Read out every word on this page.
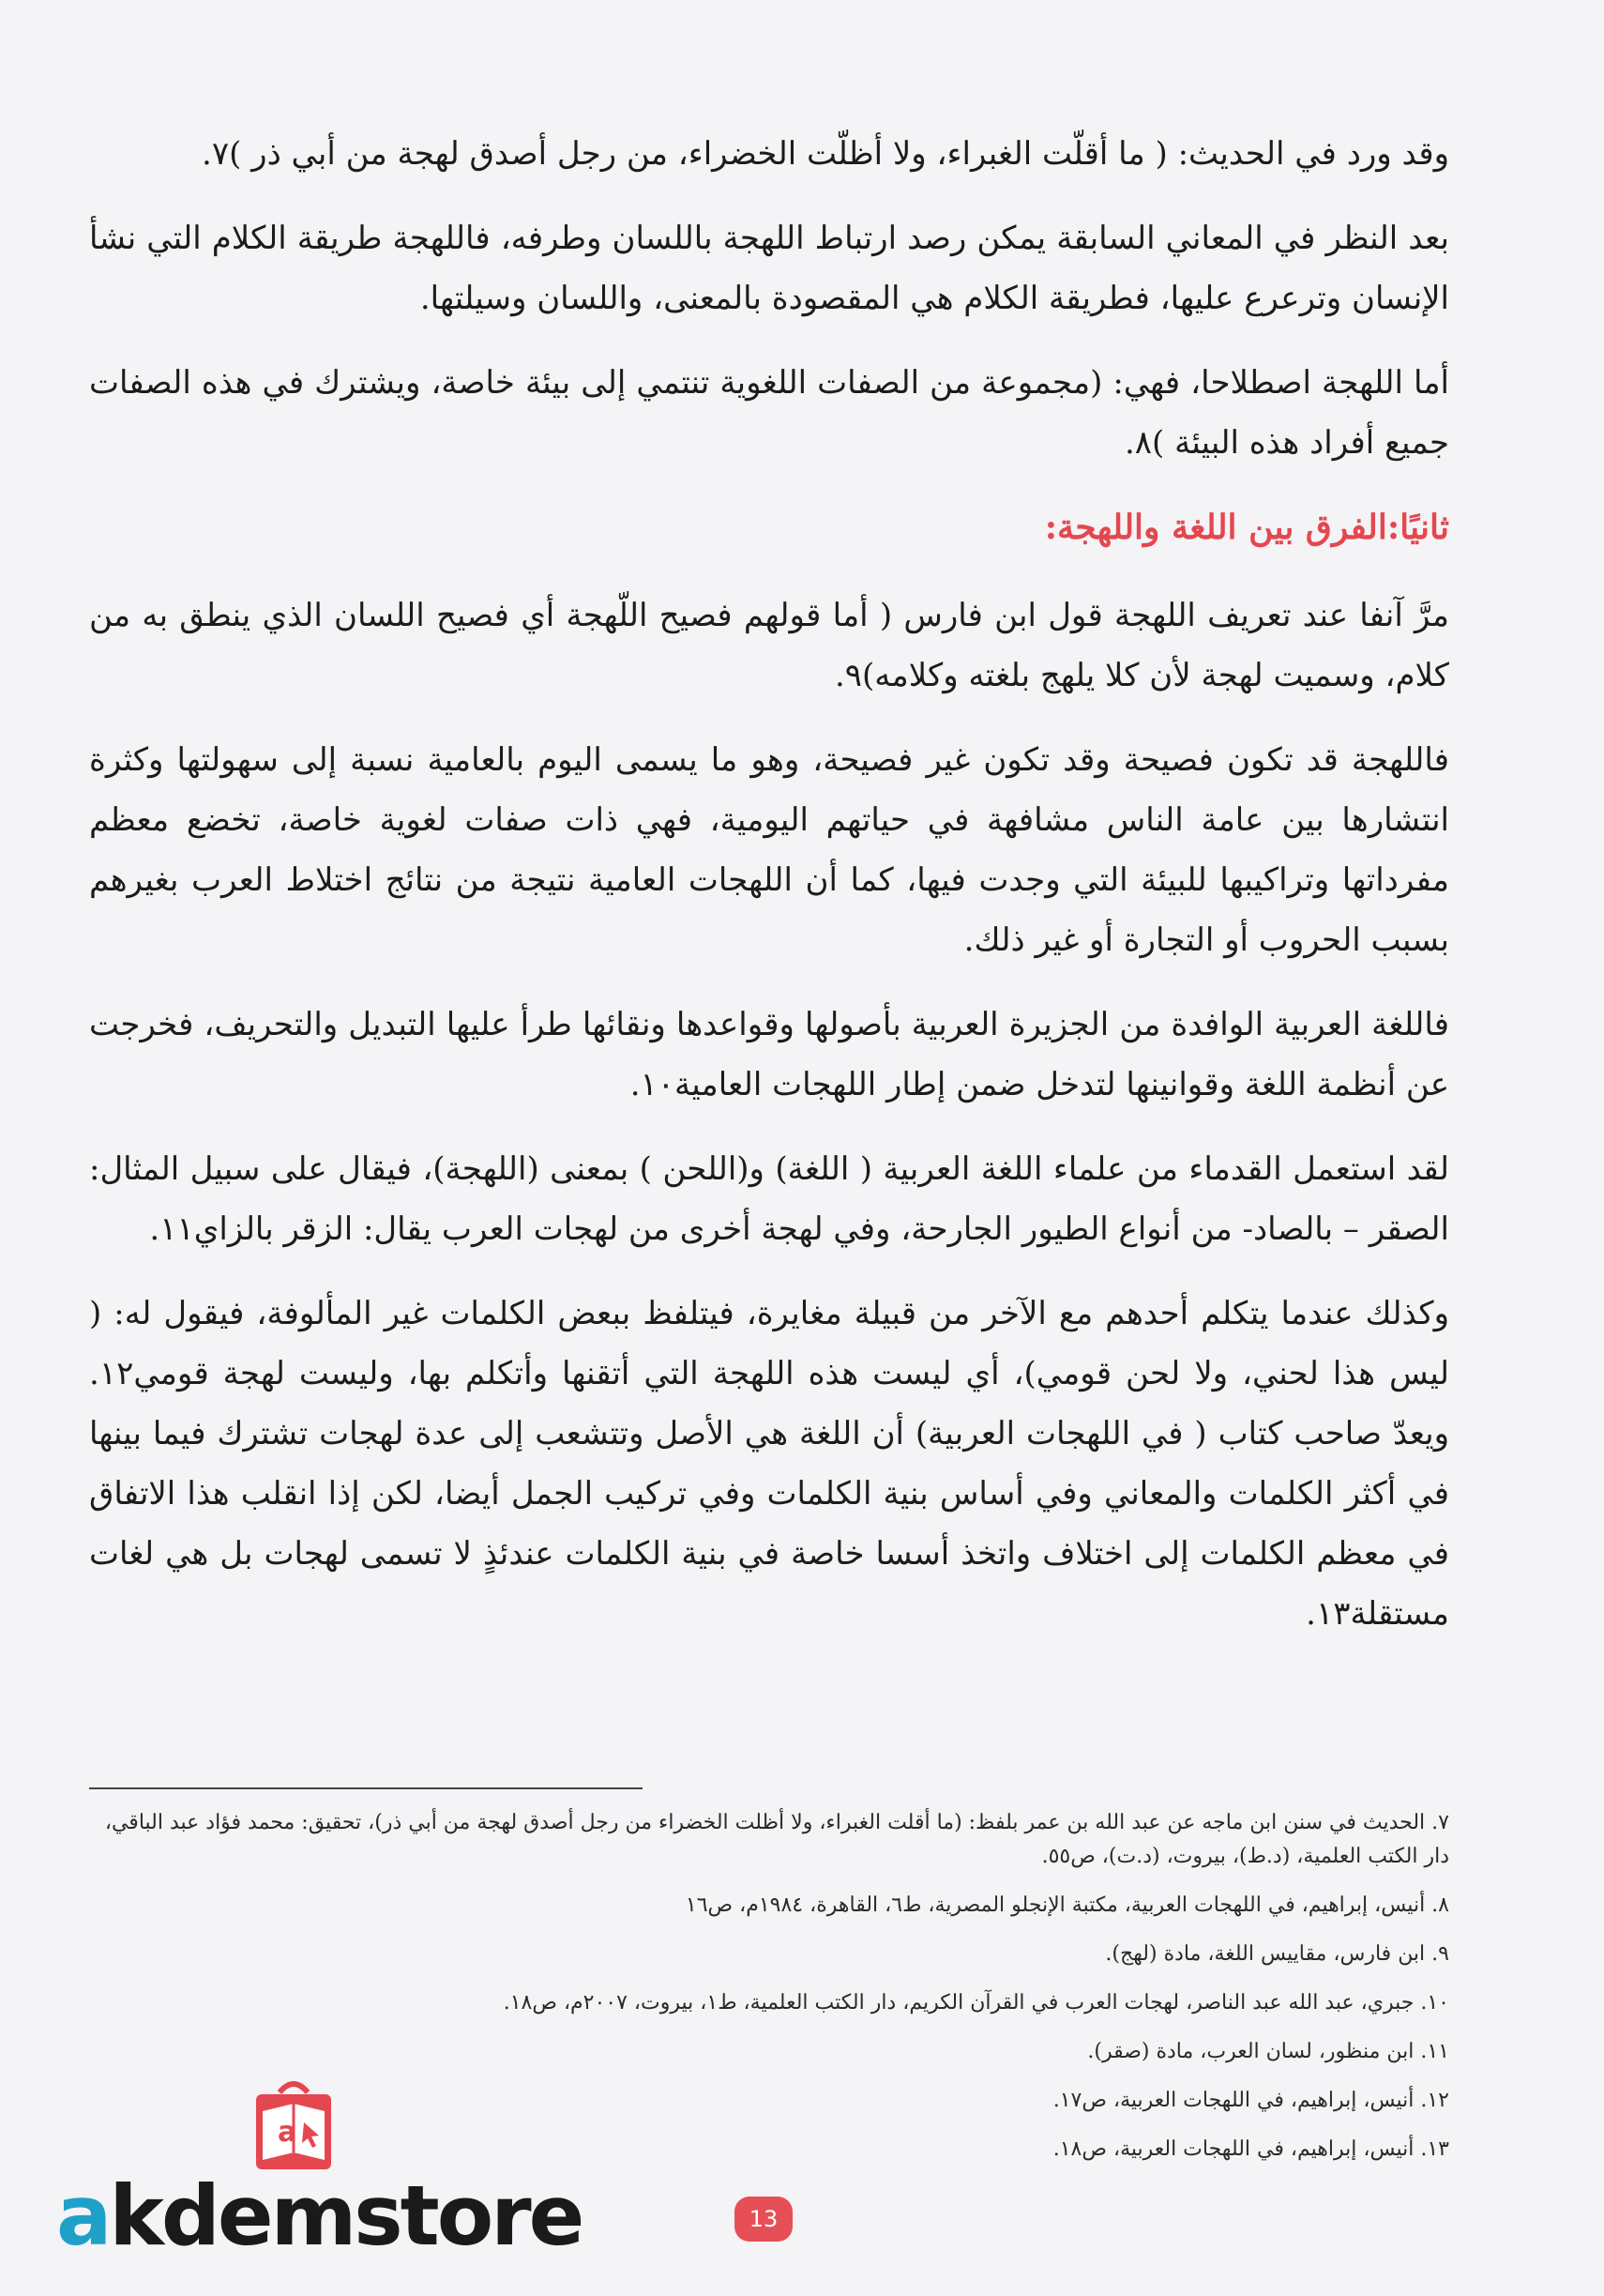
وقد ورد في الحديث: ( ما أقلّت الغبراء، ولا أظلّت الخضراء، من رجل أصدق لهجة من أبي ذر )٧.

بعد النظر في المعاني السابقة يمكن رصد ارتباط اللهجة باللسان وطرفه، فاللهجة طريقة الكلام التي نشأ الإنسان وترعرع عليها، فطريقة الكلام هي المقصودة بالمعنى، واللسان وسيلتها.

أما اللهجة اصطلاحا، فهي: (مجموعة من الصفات اللغوية تنتمي إلى بيئة خاصة، ويشترك في هذه الصفات جميع أفراد هذه البيئة )٨.

ثانيًا:الفرق بين اللغة واللهجة:

مرَّ آنفا عند تعريف اللهجة قول ابن فارس ( أما قولهم فصيح اللّهجة أي فصيح اللسان الذي ينطق به من كلام، وسميت لهجة لأن كلا يلهج بلغته وكلامه)٩.

فاللهجة قد تكون فصيحة وقد تكون غير فصيحة، وهو ما يسمى اليوم بالعامية نسبة إلى سهولتها وكثرة انتشارها بين عامة الناس مشافهة في حياتهم اليومية، فهي ذات صفات لغوية خاصة، تخضع معظم مفرداتها وتراكيبها للبيئة التي وجدت فيها، كما أن اللهجات العامية نتيجة من نتائج اختلاط العرب بغيرهم بسبب الحروب أو التجارة أو غير ذلك.

فاللغة العربية الوافدة من الجزيرة العربية بأصولها وقواعدها ونقائها طرأ عليها التبديل والتحريف، فخرجت عن أنظمة اللغة وقوانينها لتدخل ضمن إطار اللهجات العامية١٠.

لقد استعمل القدماء من علماء اللغة العربية ( اللغة) و(اللحن ) بمعنى (اللهجة)، فيقال على سبيل المثال: الصقر – بالصاد- من أنواع الطيور الجارحة، وفي لهجة أخرى من لهجات العرب يقال: الزقر بالزاي١١.

وكذلك عندما يتكلم أحدهم مع الآخر من قبيلة مغايرة، فيتلفظ ببعض الكلمات غير المألوفة، فيقول له: ( ليس هذا لحني، ولا لحن قومي)، أي ليست هذه اللهجة التي أتقنها وأتكلم بها، وليست لهجة قومي١٢. ويعدّ صاحب كتاب ( في اللهجات العربية) أن اللغة هي الأصل وتتشعب إلى عدة لهجات تشترك فيما بينها في أكثر الكلمات والمعاني وفي أساس بنية الكلمات وفي تركيب الجمل أيضا، لكن إذا انقلب هذا الاتفاق في معظم الكلمات إلى اختلاف واتخذ أسسا خاصة في بنية الكلمات عندئذٍ لا تسمى لهجات بل هي لغات مستقلة١٣.

٧. الحديث في سنن ابن ماجه عن عبد الله بن عمر بلفظ: (ما أقلت الغبراء، ولا أظلت الخضراء من رجل أصدق لهجة من أبي ذر)، تحقيق: محمد فؤاد عبد الباقي، دار الكتب العلمية، (د.ط)، بيروت، (د.ت)، ص٥٥.

٨. أنيس، إبراهيم، في اللهجات العربية، مكتبة الإنجلو المصرية، ط٦، القاهرة، ١٩٨٤م، ص١٦

٩. ابن فارس، مقاييس اللغة، مادة (لهج).

١٠. جبري، عبد الله عبد الناصر، لهجات العرب في القرآن الكريم، دار الكتب العلمية، ط١، بيروت، ٢٠٠٧م، ص١٨.

١١. ابن منظور، لسان العرب، مادة (صقر).

١٢. أنيس، إبراهيم، في اللهجات العربية، ص١٧.

١٣. أنيس، إبراهيم، في اللهجات العربية، ص١٨.

13
a
akdemstore
